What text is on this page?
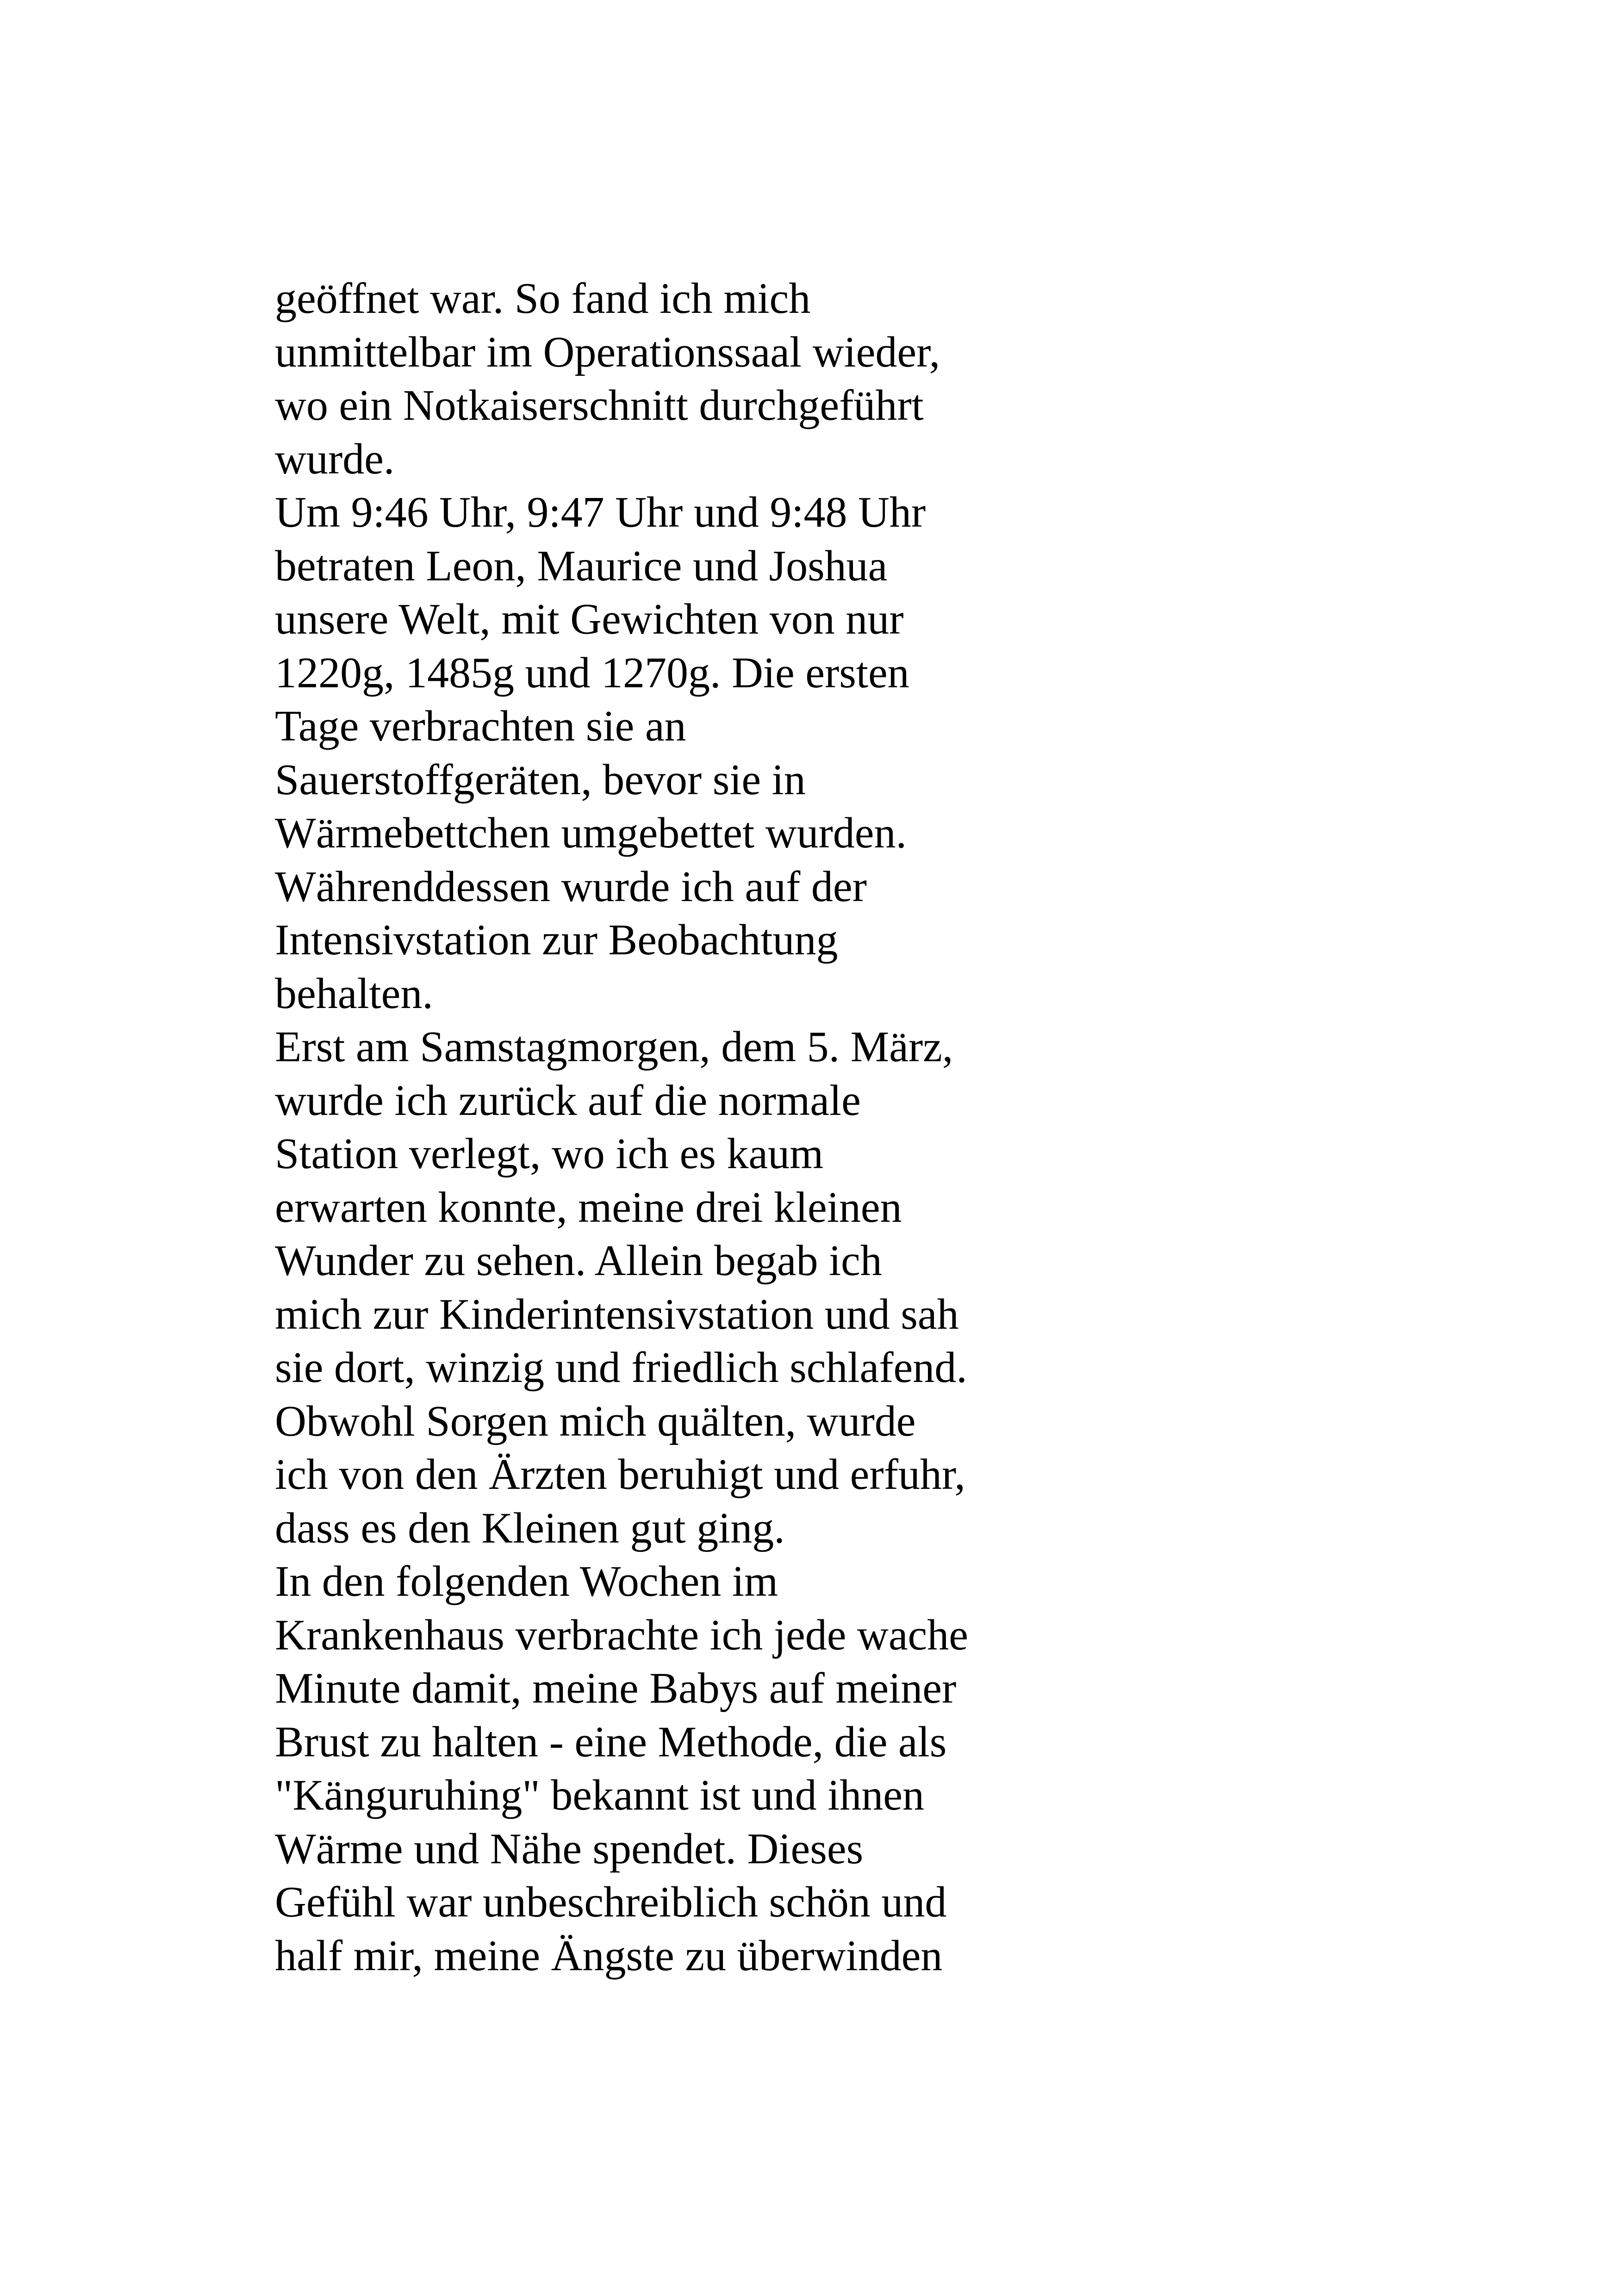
geöffnet war. So fand ich mich
unmittelbar im Operationssaal wieder,
wo ein Notkaiserschnitt durchgeführt
wurde.
Um 9:46 Uhr, 9:47 Uhr und 9:48 Uhr
betraten Leon, Maurice und Joshua
unsere Welt, mit Gewichten von nur
1220g, 1485g und 1270g. Die ersten
Tage verbrachten sie an
Sauerstoffgeräten, bevor sie in
Wärmebettchen umgebettet wurden.
Währenddessen wurde ich auf der
Intensivstation zur Beobachtung
behalten.
Erst am Samstagmorgen, dem 5. März,
wurde ich zurück auf die normale
Station verlegt, wo ich es kaum
erwarten konnte, meine drei kleinen
Wunder zu sehen. Allein begab ich
mich zur Kinderintensivstation und sah
sie dort, winzig und friedlich schlafend.
Obwohl Sorgen mich quälten, wurde
ich von den Ärzten beruhigt und erfuhr,
dass es den Kleinen gut ging.
In den folgenden Wochen im
Krankenhaus verbrachte ich jede wache
Minute damit, meine Babys auf meiner
Brust zu halten - eine Methode, die als
"Känguruhing" bekannt ist und ihnen
Wärme und Nähe spendet. Dieses
Gefühl war unbeschreiblich schön und
half mir, meine Ängste zu überwinden
